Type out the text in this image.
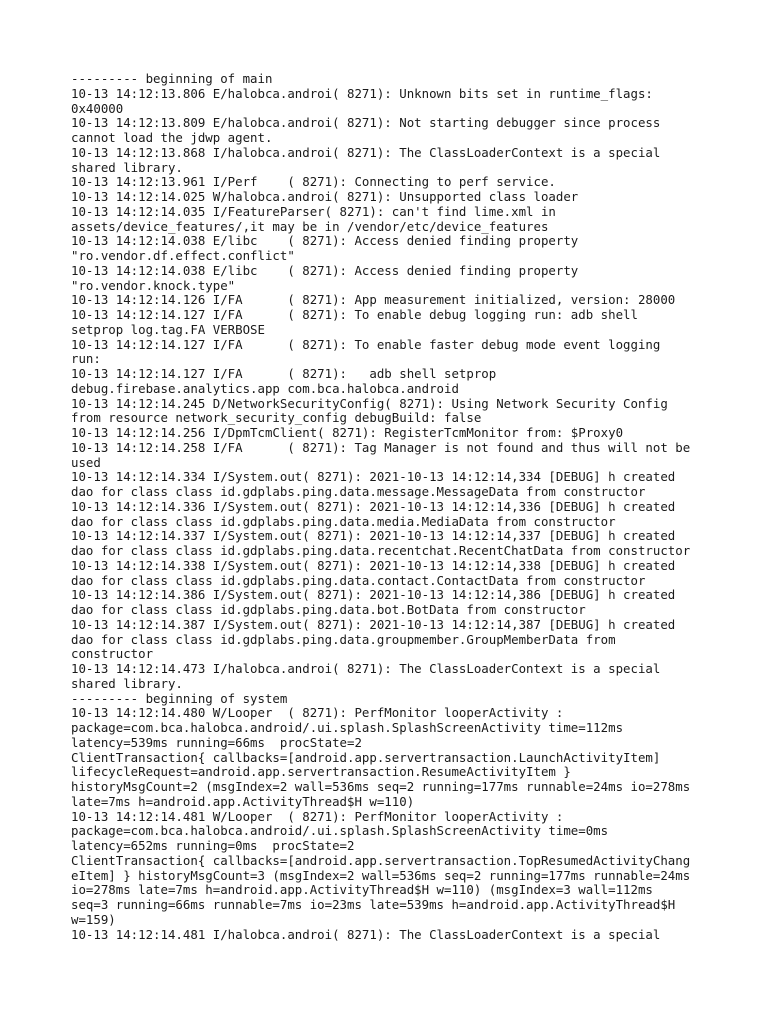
--------- beginning of main
10-13 14:12:13.806 E/halobca.androi( 8271): Unknown bits set in runtime_flags:
0x40000
10-13 14:12:13.809 E/halobca.androi( 8271): Not starting debugger since process
cannot load the jdwp agent.
10-13 14:12:13.868 I/halobca.androi( 8271): The ClassLoaderContext is a special
shared library.
10-13 14:12:13.961 I/Perf    ( 8271): Connecting to perf service.
10-13 14:12:14.025 W/halobca.androi( 8271): Unsupported class loader
10-13 14:12:14.035 I/FeatureParser( 8271): can't find lime.xml in
assets/device_features/,it may be in /vendor/etc/device_features
10-13 14:12:14.038 E/libc    ( 8271): Access denied finding property
"ro.vendor.df.effect.conflict"
10-13 14:12:14.038 E/libc    ( 8271): Access denied finding property
"ro.vendor.knock.type"
10-13 14:12:14.126 I/FA      ( 8271): App measurement initialized, version: 28000
10-13 14:12:14.127 I/FA      ( 8271): To enable debug logging run: adb shell
setprop log.tag.FA VERBOSE
10-13 14:12:14.127 I/FA      ( 8271): To enable faster debug mode event logging
run:
10-13 14:12:14.127 I/FA      ( 8271):   adb shell setprop
debug.firebase.analytics.app com.bca.halobca.android
10-13 14:12:14.245 D/NetworkSecurityConfig( 8271): Using Network Security Config
from resource network_security_config debugBuild: false
10-13 14:12:14.256 I/DpmTcmClient( 8271): RegisterTcmMonitor from: $Proxy0
10-13 14:12:14.258 I/FA      ( 8271): Tag Manager is not found and thus will not be
used
10-13 14:12:14.334 I/System.out( 8271): 2021-10-13 14:12:14,334 [DEBUG] h created
dao for class class id.gdplabs.ping.data.message.MessageData from constructor
10-13 14:12:14.336 I/System.out( 8271): 2021-10-13 14:12:14,336 [DEBUG] h created
dao for class class id.gdplabs.ping.data.media.MediaData from constructor
10-13 14:12:14.337 I/System.out( 8271): 2021-10-13 14:12:14,337 [DEBUG] h created
dao for class class id.gdplabs.ping.data.recentchat.RecentChatData from constructor
10-13 14:12:14.338 I/System.out( 8271): 2021-10-13 14:12:14,338 [DEBUG] h created
dao for class class id.gdplabs.ping.data.contact.ContactData from constructor
10-13 14:12:14.386 I/System.out( 8271): 2021-10-13 14:12:14,386 [DEBUG] h created
dao for class class id.gdplabs.ping.data.bot.BotData from constructor
10-13 14:12:14.387 I/System.out( 8271): 2021-10-13 14:12:14,387 [DEBUG] h created
dao for class class id.gdplabs.ping.data.groupmember.GroupMemberData from
constructor
10-13 14:12:14.473 I/halobca.androi( 8271): The ClassLoaderContext is a special
shared library.
--------- beginning of system
10-13 14:12:14.480 W/Looper  ( 8271): PerfMonitor looperActivity :
package=com.bca.halobca.android/.ui.splash.SplashScreenActivity time=112ms
latency=539ms running=66ms  procState=2
ClientTransaction{ callbacks=[android.app.servertransaction.LaunchActivityItem]
lifecycleRequest=android.app.servertransaction.ResumeActivityItem }
historyMsgCount=2 (msgIndex=2 wall=536ms seq=2 running=177ms runnable=24ms io=278ms
late=7ms h=android.app.ActivityThread$H w=110)
10-13 14:12:14.481 W/Looper  ( 8271): PerfMonitor looperActivity :
package=com.bca.halobca.android/.ui.splash.SplashScreenActivity time=0ms
latency=652ms running=0ms  procState=2
ClientTransaction{ callbacks=[android.app.servertransaction.TopResumedActivityChang
eItem] } historyMsgCount=3 (msgIndex=2 wall=536ms seq=2 running=177ms runnable=24ms
io=278ms late=7ms h=android.app.ActivityThread$H w=110) (msgIndex=3 wall=112ms
seq=3 running=66ms runnable=7ms io=23ms late=539ms h=android.app.ActivityThread$H
w=159)
10-13 14:12:14.481 I/halobca.androi( 8271): The ClassLoaderContext is a special
